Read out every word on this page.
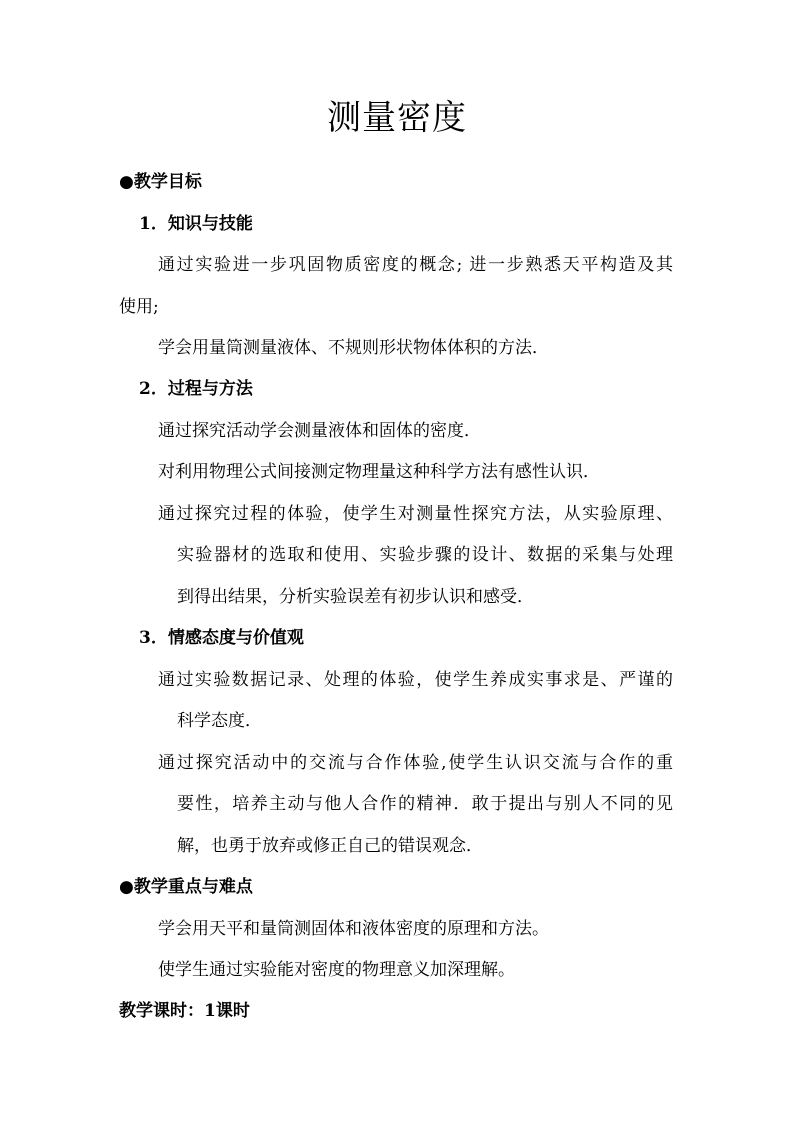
测量密度
●教学目标
1．知识与技能
通过实验进一步巩固物质密度的概念; 进一步熟悉天平构造及其
使用;
学会用量筒测量液体、不规则形状物体体积的方法．
2．过程与方法
通过探究活动学会测量液体和固体的密度．
对利用物理公式间接测定物理量这种科学方法有感性认识．
通过探究过程的体验，使学生对测量性探究方法，从实验原理、
实验器材的选取和使用、实验步骤的设计、数据的采集与处理
到得出结果，分析实验误差有初步认识和感受．
3．情感态度与价值观
通过实验数据记录、处理的体验，使学生养成实事求是、严谨的
科学态度．
通过探究活动中的交流与合作体验,使学生认识交流与合作的重
要性，培养主动与他人合作的精神．敢于提出与别人不同的见
解，也勇于放弃或修正自己的错误观念．
●教学重点与难点
学会用天平和量筒测固体和液体密度的原理和方法。
使学生通过实验能对密度的物理意义加深理解。
教学课时：1课时
